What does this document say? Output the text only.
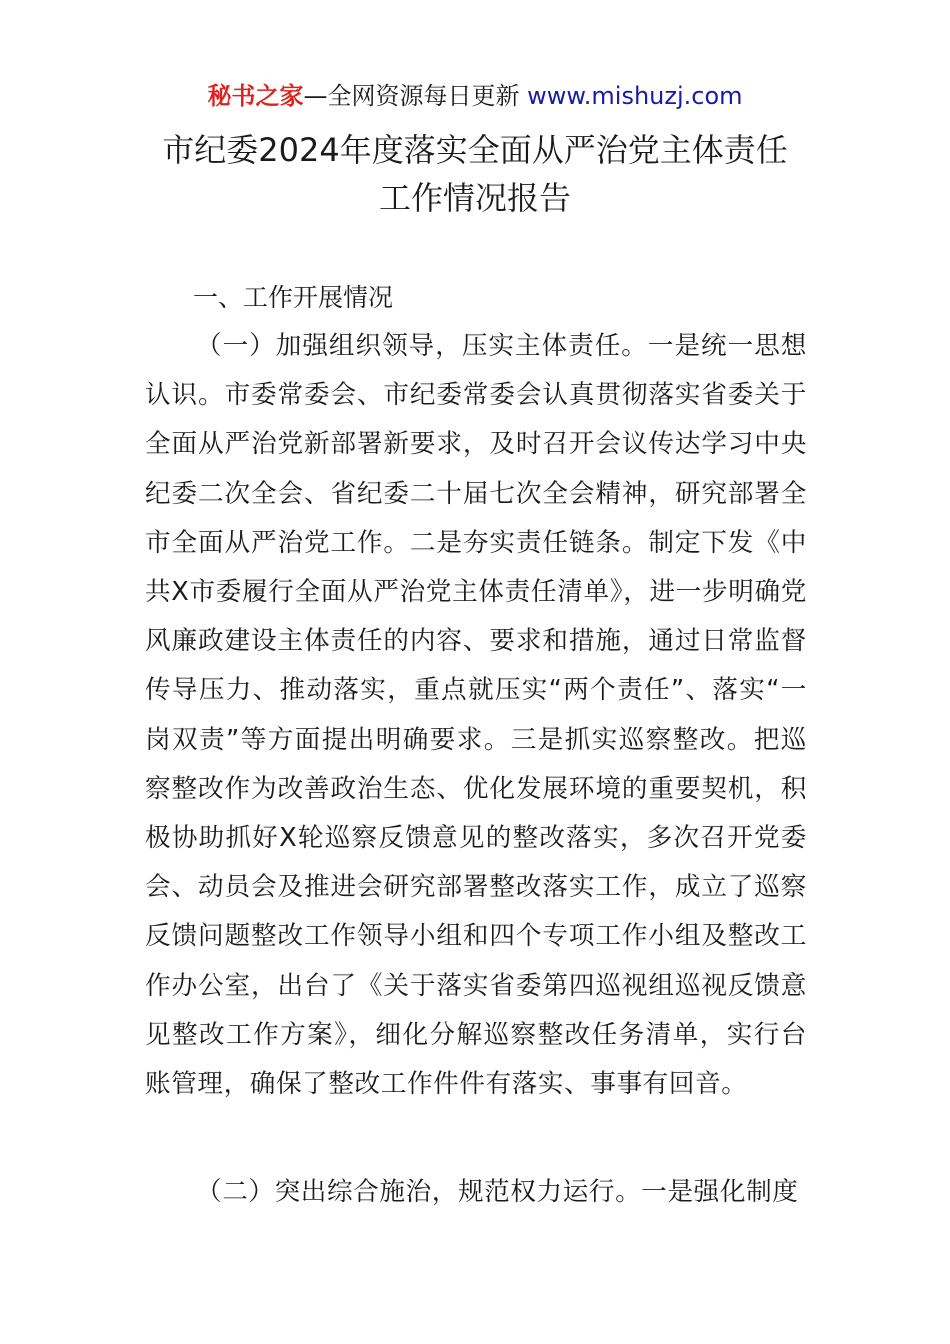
秘书之家—全网资源每日更新 www.mishuzj.com
市纪委2024年度落实全面从严治党主体责任
工作情况报告
一、工作开展情况

（一）加强组织领导，压实主体责任。一是统一思想认识。市委常委会、市纪委常委会认真贯彻落实省委关于全面从严治党新部署新要求，及时召开会议传达学习中央纪委二次全会、省纪委二十届七次全会精神，研究部署全市全面从严治党工作。二是夯实责任链条。制定下发《中共X市委履行全面从严治党主体责任清单》，进一步明确党风廉政建设主体责任的内容、要求和措施，通过日常监督传导压力、推动落实，重点就压实“两个责任”、落实“一岗双责”等方面提出明确要求。三是抓实巡察整改。把巡察整改作为改善政治生态、优化发展环境的重要契机，积极协助抓好X轮巡察反馈意见的整改落实，多次召开党委会、动员会及推进会研究部署整改落实工作，成立了巡察反馈问题整改工作领导小组和四个专项工作小组及整改工作办公室，出台了《关于落实省委第四巡视组巡视反馈意见整改工作方案》，细化分解巡察整改任务清单，实行台账管理，确保了整改工作件件有落实、事事有回音。

（二）突出综合施治，规范权力运行。一是强化制度
